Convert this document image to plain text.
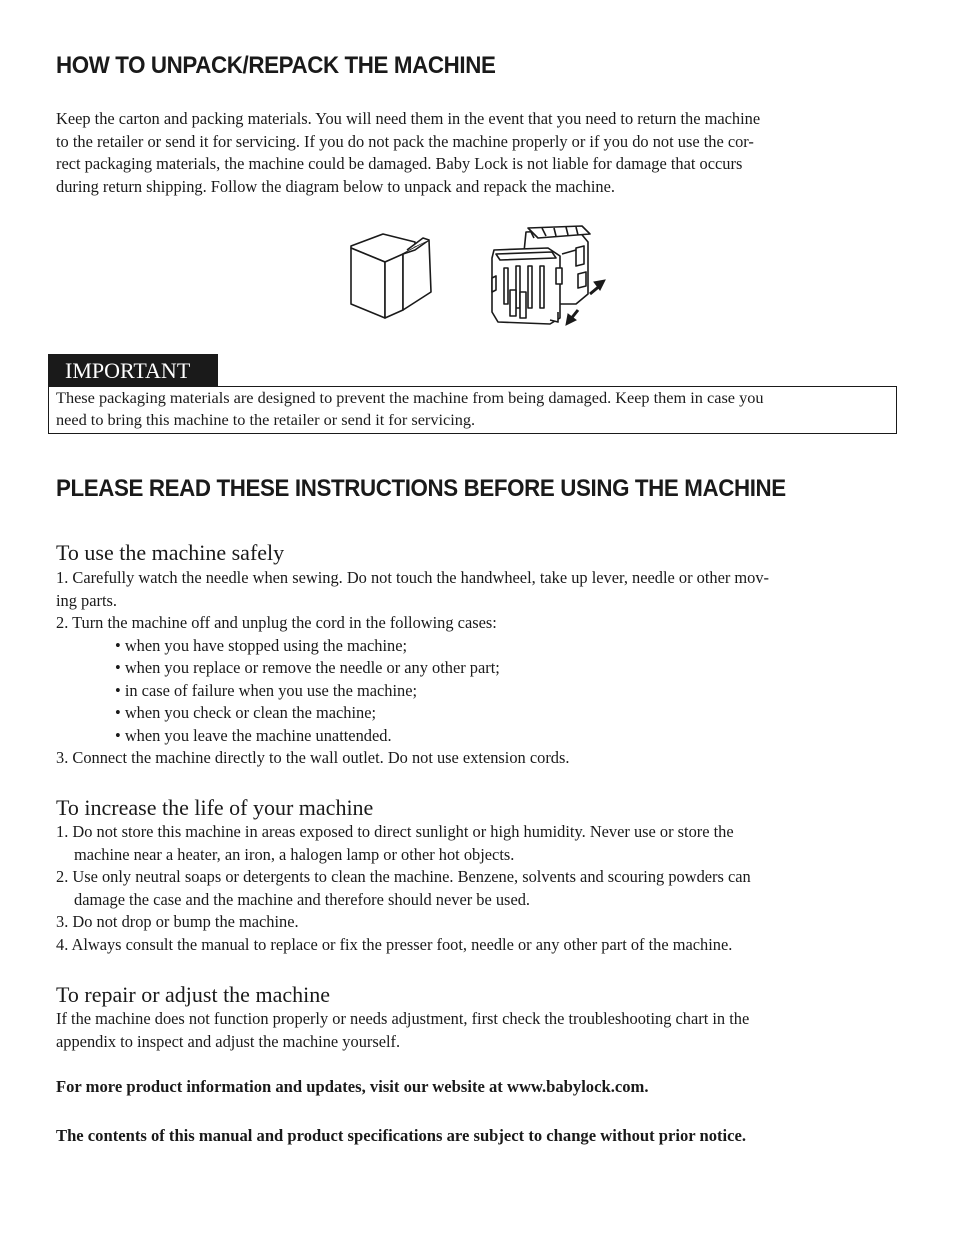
HOW TO UNPACK/REPACK THE MACHINE

Keep the carton and packing materials. You will need them in the event that you need to return the machine
to the retailer or send it for servicing. If you do not pack the machine properly or if you do not use the cor-
rect packaging materials, the machine could be damaged. Baby Lock is not liable for damage that occurs
during return shipping. Follow the diagram below to unpack and repack the machine.

IMPORTANT
These packaging materials are designed to prevent the machine from being damaged. Keep them in case you
need to bring this machine to the retailer or send it for servicing.
PLEASE READ THESE INSTRUCTIONS BEFORE USING THE MACHINE
To use the machine safely
1. Carefully watch the needle when sewing. Do not touch the handwheel, take up lever, needle or other mov-
ing parts.
2. Turn the machine off and unplug the cord in the following cases:
• when you have stopped using the machine;
• when you replace or remove the needle or any other part;
• in case of failure when you use the machine;
• when you check or clean the machine;
• when you leave the machine unattended.
3. Connect the machine directly to the wall outlet. Do not use extension cords.
To increase the life of your machine
1. Do not store this machine in areas exposed to direct sunlight or high humidity. Never use or store the
machine near a heater, an iron, a halogen lamp or other hot objects.
2. Use only neutral soaps or detergents to clean the machine. Benzene, solvents and scouring powders can
damage the case and the machine and therefore should never be used.
3. Do not drop or bump the machine.
4. Always consult the manual to replace or fix the presser foot, needle or any other part of the machine.
To repair or adjust the machine

If the machine does not function properly or needs adjustment, first check the troubleshooting chart in the
appendix to inspect and adjust the machine yourself.

For more product information and updates, visit our website at www.babylock.com.

The contents of this manual and product specifications are subject to change without prior notice.
